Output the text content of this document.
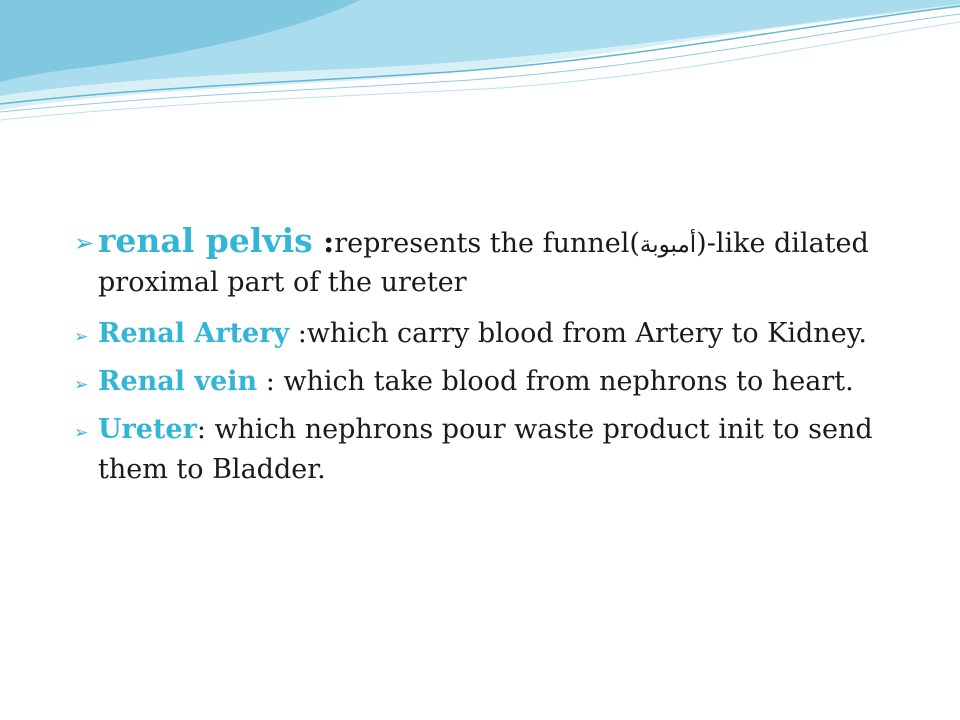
➢ renal pelvis :represents the funnel(أمبوبة)-like dilated proximal part of the ureter
➢ Renal Artery :which carry blood from Artery to Kidney.
➢ Renal vein : which take blood from nephrons to heart.
➢ Ureter: which nephrons pour waste product init to send them to Bladder.
